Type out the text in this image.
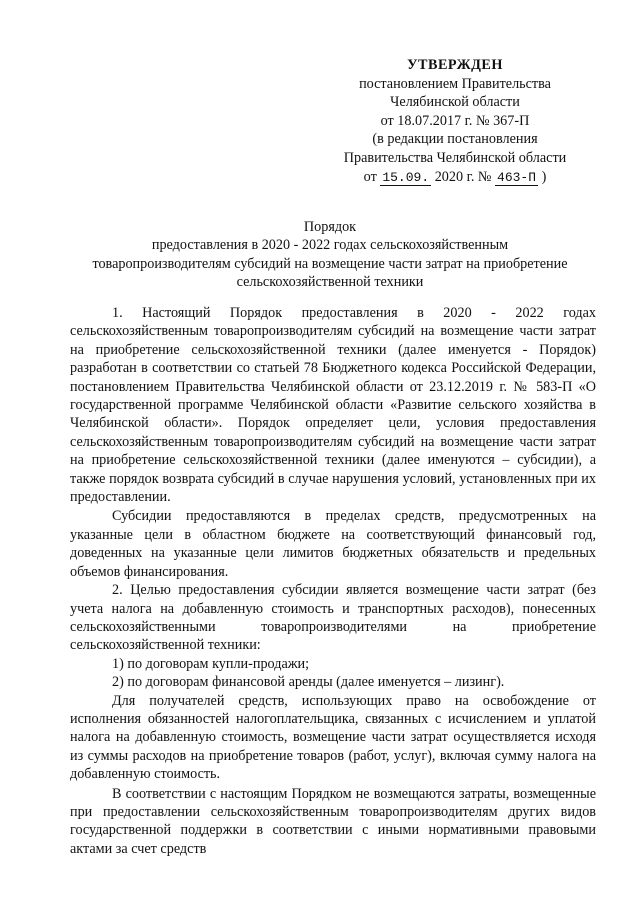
УТВЕРЖДЕН
постановлением Правительства
Челябинской области
от 18.07.2017 г. № 367-П
(в редакции постановления
Правительства Челябинской области
от 15.09. 2020 г. № 463-П )
Порядок
предоставления в 2020 - 2022 годах сельскохозяйственным
товаропроизводителям субсидий на возмещение части затрат на приобретение
сельскохозяйственной техники

1. Настоящий Порядок предоставления в 2020 - 2022 годах сельскохозяйственным товаропроизводителям субсидий на возмещение части затрат на приобретение сельскохозяйственной техники (далее именуется - Порядок) разработан в соответствии со статьей 78 Бюджетного кодекса Российской Федерации, постановлением Правительства Челябинской области от 23.12.2019 г. № 583-П «О государственной программе Челябинской области «Развитие сельского хозяйства в Челябинской области». Порядок определяет цели, условия предоставления сельскохозяйственным товаропроизводителям субсидий на возмещение части затрат на приобретение сельскохозяйственной техники (далее именуются – субсидии), а также порядок возврата субсидий в случае нарушения условий, установленных при их предоставлении.

Субсидии предоставляются в пределах средств, предусмотренных на указанные цели в областном бюджете на соответствующий финансовый год, доведенных на указанные цели лимитов бюджетных обязательств и предельных объемов финансирования.

2. Целью предоставления субсидии является возмещение части затрат (без учета налога на добавленную стоимость и транспортных расходов), понесенных сельскохозяйственными товаропроизводителями на приобретение сельскохозяйственной техники:

1) по договорам купли-продажи;

2) по договорам финансовой аренды (далее именуется – лизинг).

Для получателей средств, использующих право на освобождение от исполнения обязанностей налогоплательщика, связанных с исчислением и уплатой налога на добавленную стоимость, возмещение части затрат осуществляется исходя из суммы расходов на приобретение товаров (работ, услуг), включая сумму налога на добавленную стоимость.

В соответствии с настоящим Порядком не возмещаются затраты, возмещенные при предоставлении сельскохозяйственным товаропроизводителям других видов государственной поддержки в соответствии с иными нормативными правовыми актами за счет средств
